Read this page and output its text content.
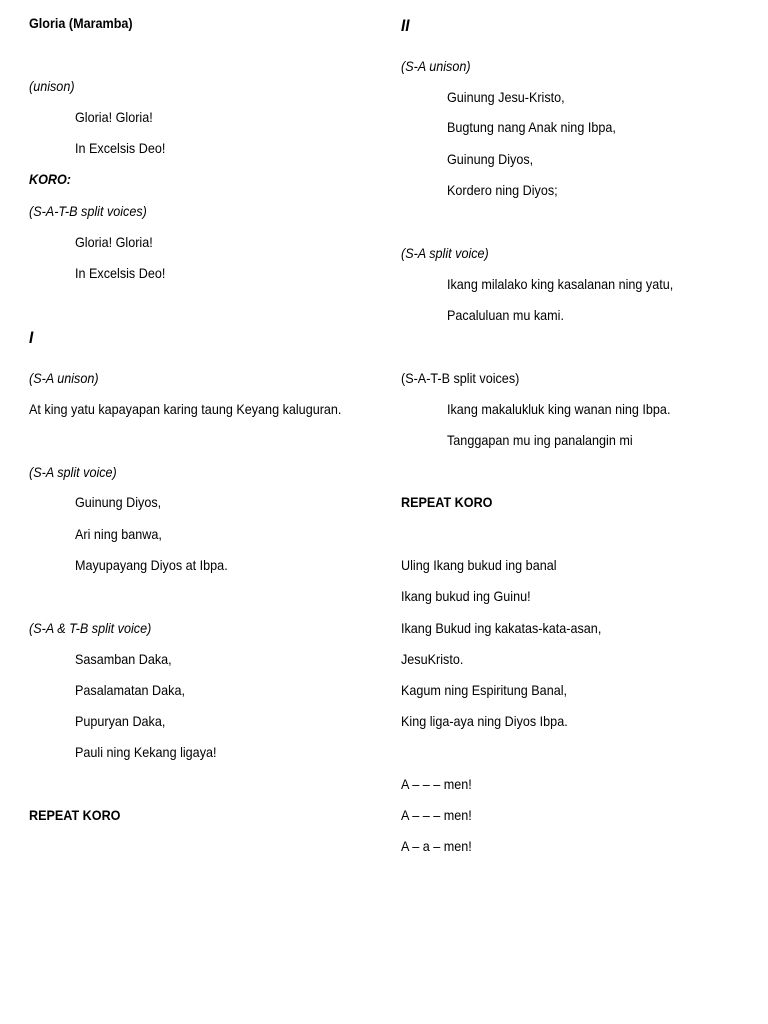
Gloria (Maramba)
(unison)
Gloria! Gloria!
In Excelsis Deo!
KORO:
(S-A-T-B split voices)
Gloria! Gloria!
In Excelsis Deo!
I
(S-A unison)
At king yatu kapayapan karing taung Keyang kaluguran.
(S-A split voice)
Guinung Diyos,
Ari ning banwa,
Mayupayang Diyos at Ibpa.
(S-A & T-B split voice)
Sasamban Daka,
Pasalamatan Daka,
Pupuryan Daka,
Pauli ning Kekang ligaya!
REPEAT KORO
II
(S-A unison)
Guinung Jesu-Kristo,
Bugtung nang Anak ning Ibpa,
Guinung Diyos,
Kordero ning Diyos;
(S-A split voice)
Ikang milalako king kasalanan ning yatu,
Pacaluluan mu kami.
(S-A-T-B split voices)
Ikang makalukluk king wanan ning Ibpa.
Tanggapan mu ing panalangin mi
REPEAT KORO
Uling Ikang bukud ing banal
Ikang bukud ing Guinu!
Ikang Bukud ing kakatas-kata-asan,
JesuKristo.
Kagum ning Espiritung Banal,
King liga-aya ning Diyos Ibpa.
A – – – men!
A – – – men!
A – a – men!
